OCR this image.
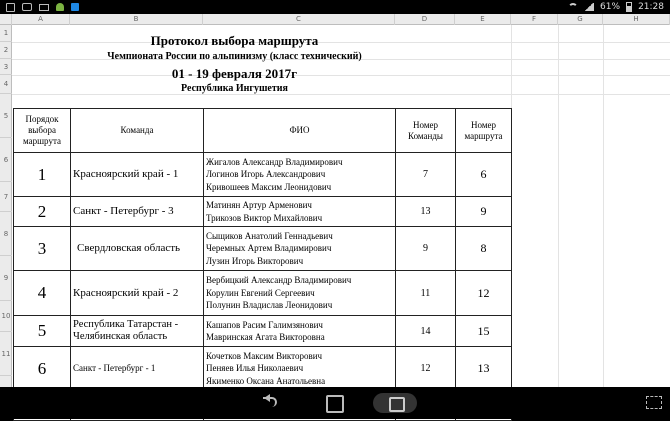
61% 21:28
A	B	C	D	E	F	G	H
1
2
3
4
5
6
7
8
9
10
11
Протокол выбора маршрута
Чемпионата России по альпинизму (класс технический)
01 - 19 февраля 2017г
Республика Ингушетия
Порядок выбора маршрута	Команда	ФИО	Номер Команды	Номер маршрута
1	Красноярский край - 1	Жигалов Александр Владимирович
Логинов Игорь Александрович
Кривошеев Максим Леонидович	7	6
2	Санкт - Петербург - 3	Матинян Артур Арменович
Трикозов Виктор Михайлович	13	9
3	Свердловская область	Сыщиков Анатолий Геннадьевич
Черемных Артем Владимирович
Лузин Игорь Викторович	9	8
4	Красноярский край - 2	Вербицкий Александр Владимирович
Корулин Евгений Сергеевич
Полунин Владислав Леонидович	11	12
5	Республика Татарстан - Челябинская область	Кашапов Расим Галимзянович
Мавринская Агата Викторовна	14	15
6	Санкт - Петербург - 1	Кочетков Максим Викторович
Пеняев Илья Николаевич
Якименко Оксана Анатольевна	12	13
